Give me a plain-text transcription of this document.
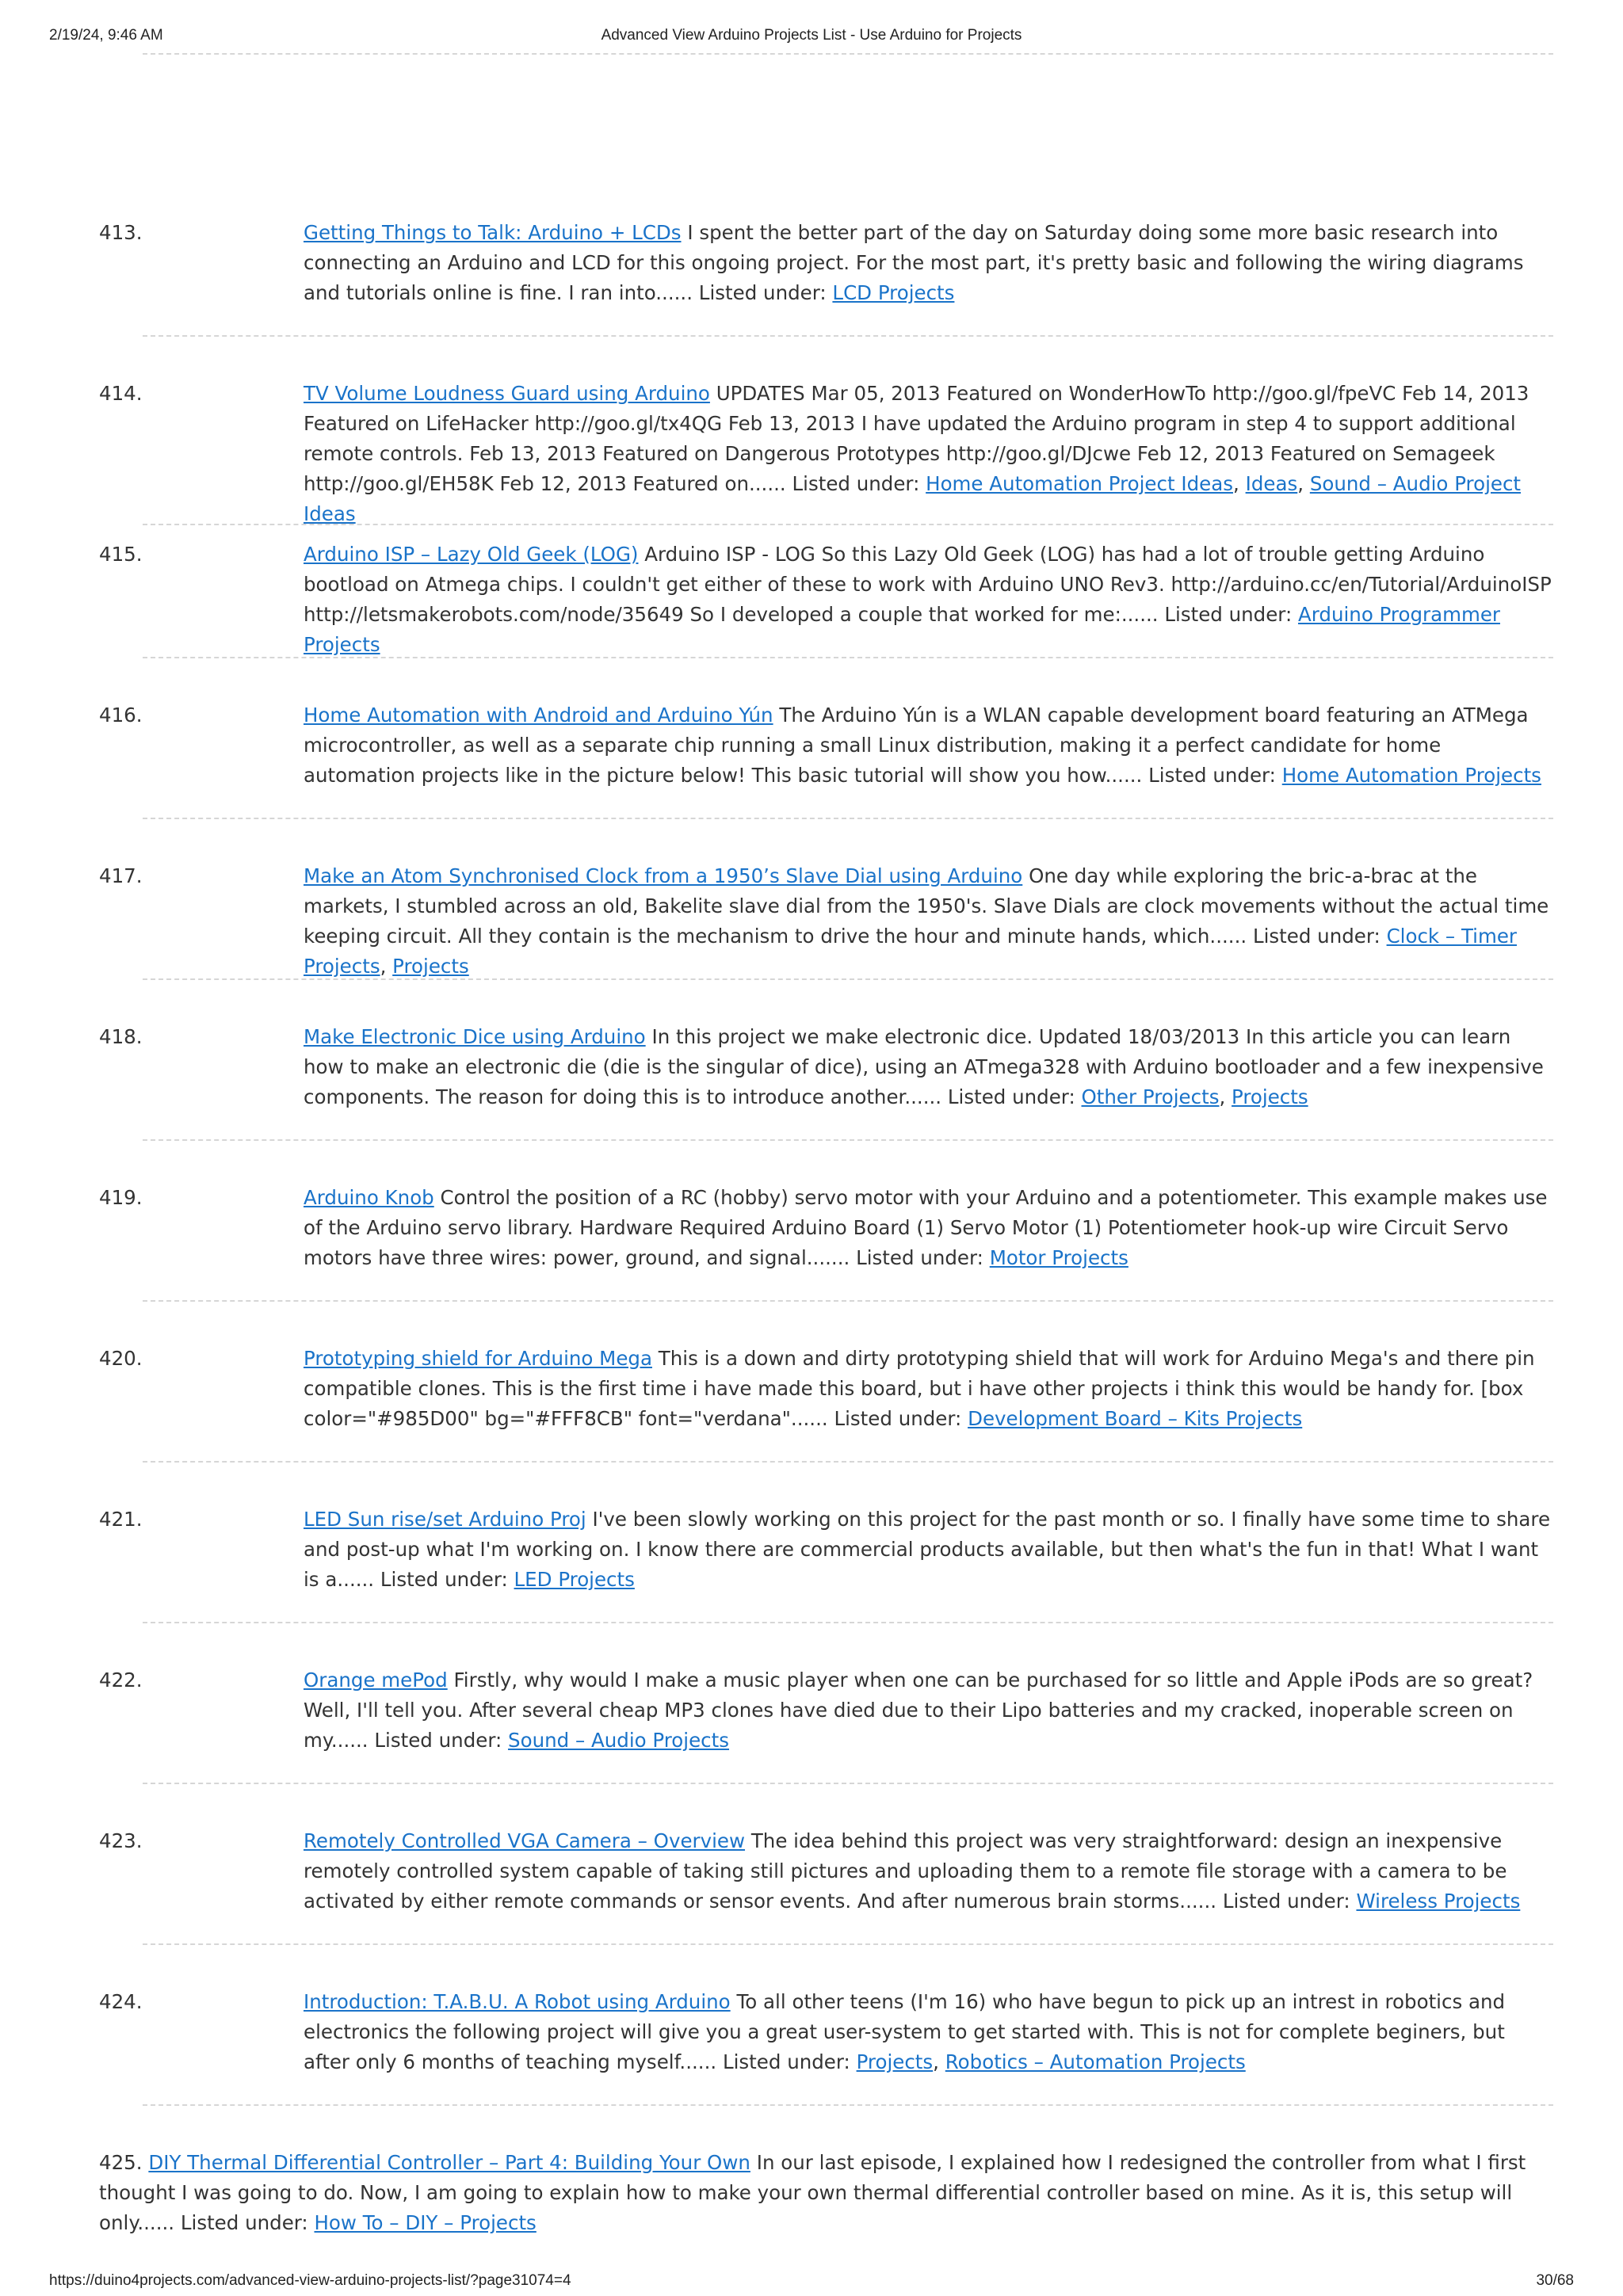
2/19/24, 9:46 AM	Advanced View Arduino Projects List - Use Arduino for Projects
413.	Getting Things to Talk: Arduino + LCDs I spent the better part of the day on Saturday doing some more basic research into connecting an Arduino and LCD for this ongoing project. For the most part, it's pretty basic and following the wiring diagrams and tutorials online is fine. I ran into...... Listed under: LCD Projects
414.	TV Volume Loudness Guard using Arduino UPDATES Mar 05, 2013 Featured on WonderHowTo http://goo.gl/fpeVC Feb 14, 2013 Featured on LifeHacker http://goo.gl/tx4QG Feb 13, 2013 I have updated the Arduino program in step 4 to support additional remote controls. Feb 13, 2013 Featured on Dangerous Prototypes http://goo.gl/DJcwe Feb 12, 2013 Featured on Semageek http://goo.gl/EH58K Feb 12, 2013 Featured on...... Listed under: Home Automation Project Ideas, Ideas, Sound – Audio Project Ideas
415.	Arduino ISP – Lazy Old Geek (LOG) Arduino ISP - LOG So this Lazy Old Geek (LOG) has had a lot of trouble getting Arduino bootload on Atmega chips. I couldn't get either of these to work with Arduino UNO Rev3. http://arduino.cc/en/Tutorial/ArduinoISP http://letsmakerobots.com/node/35649 So I developed a couple that worked for me:...... Listed under: Arduino Programmer Projects
416.	Home Automation with Android and Arduino Yún The Arduino Yún is a WLAN capable development board featuring an ATMega microcontroller, as well as a separate chip running a small Linux distribution, making it a perfect candidate for home automation projects like in the picture below! This basic tutorial will show you how...... Listed under: Home Automation Projects
417.	Make an Atom Synchronised Clock from a 1950’s Slave Dial using Arduino One day while exploring the bric-a-brac at the markets, I stumbled across an old, Bakelite slave dial from the 1950's. Slave Dials are clock movements without the actual time keeping circuit. All they contain is the mechanism to drive the hour and minute hands, which...... Listed under: Clock – Timer Projects, Projects
418.	Make Electronic Dice using Arduino In this project we make electronic dice. Updated 18/03/2013 In this article you can learn how to make an electronic die (die is the singular of dice), using an ATmega328 with Arduino bootloader and a few inexpensive components. The reason for doing this is to introduce another...... Listed under: Other Projects, Projects
419.	Arduino Knob Control the position of a RC (hobby) servo motor with your Arduino and a potentiometer. This example makes use of the Arduino servo library. Hardware Required Arduino Board (1) Servo Motor (1) Potentiometer hook-up wire Circuit Servo motors have three wires: power, ground, and signal....... Listed under: Motor Projects
420.	Prototyping shield for Arduino Mega This is a down and dirty prototyping shield that will work for Arduino Mega's and there pin compatible clones. This is the first time i have made this board, but i have other projects i think this would be handy for. [box color="#985D00" bg="#FFF8CB" font="verdana"...... Listed under: Development Board – Kits Projects
421.	LED Sun rise/set Arduino Proj I've been slowly working on this project for the past month or so. I finally have some time to share and post-up what I'm working on. I know there are commercial products available, but then what's the fun in that! What I want is a...... Listed under: LED Projects
422.	Orange mePod Firstly, why would I make a music player when one can be purchased for so little and Apple iPods are so great? Well, I'll tell you. After several cheap MP3 clones have died due to their Lipo batteries and my cracked, inoperable screen on my...... Listed under: Sound – Audio Projects
423.	Remotely Controlled VGA Camera – Overview The idea behind this project was very straightforward: design an inexpensive remotely controlled system capable of taking still pictures and uploading them to a remote file storage with a camera to be activated by either remote commands or sensor events. And after numerous brain storms...... Listed under: Wireless Projects
424.	Introduction: T.A.B.U. A Robot using Arduino To all other teens (I'm 16) who have begun to pick up an intrest in robotics and electronics the following project will give you a great user-system to get started with. This is not for complete beginers, but after only 6 months of teaching myself...... Listed under: Projects, Robotics – Automation Projects
425. DIY Thermal Differential Controller – Part 4: Building Your Own In our last episode, I explained how I redesigned the controller from what I first thought I was going to do. Now, I am going to explain how to make your own thermal differential controller based on mine. As it is, this setup will only...... Listed under: How To – DIY – Projects
https://duino4projects.com/advanced-view-arduino-projects-list/?page31074=4	30/68
